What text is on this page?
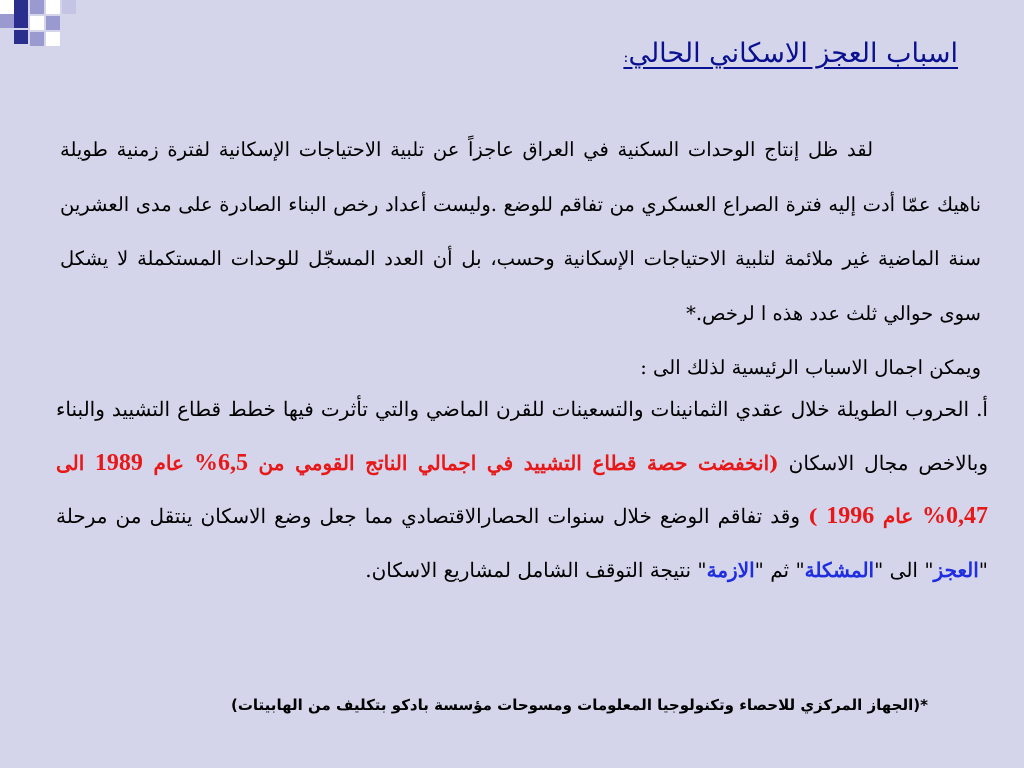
اسباب العجز الاسكاني الحالي:
لقد ظل إنتاج الوحدات السكنية في العراق عاجزاً عن تلبية الاحتياجات الإسكانية لفترة زمنية طويلة ناهيك عمّا أدت إليه فترة الصراع العسكري من تفاقم للوضع .وليست أعداد رخص البناء الصادرة على مدى العشرين سنة الماضية غير ملائمة لتلبية الاحتياجات الإسكانية وحسب، بل أن العدد المسجّل للوحدات المستكملة لا يشكل سوى حوالي ثلث عدد هذه ا لرخص.*
ويمكن اجمال الاسباب الرئيسية لذلك الى :
أ. الحروب الطويلة خلال عقدي الثمانينات والتسعينات للقرن الماضي والتي تأثرت فيها خطط قطاع التشييد والبناء وبالاخص مجال الاسكان (انخفضت حصة قطاع التشييد في اجمالي الناتج القومي من 6,5% عام 1989 الى 0,47% عام 1996 ) وقد تفاقم الوضع خلال سنوات الحصارالاقتصادي مما جعل وضع الاسكان ينتقل من مرحلة "العجز" الى "المشكلة" ثم "الازمة" نتيجة التوقف الشامل لمشاريع الاسكان.
*(الجهاز المركزي للاحصاء وتكنولوجيا المعلومات ومسوحات مؤسسة بادكو بتكليف من الهابيتات)
